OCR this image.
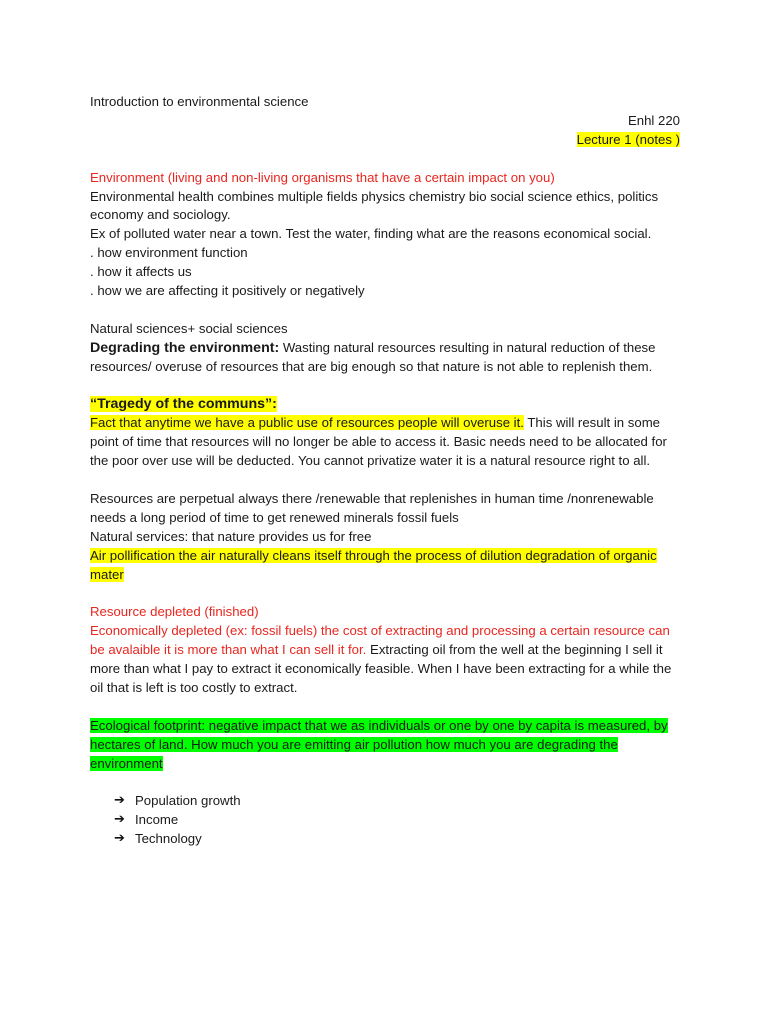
Introduction to environmental science

Enhl 220

Lecture 1 (notes )

Environment (living and non-living organisms that have a certain impact on you)

Environmental health combines multiple fields physics chemistry bio social science ethics, politics economy and sociology.

Ex of polluted water near a town. Test the water, finding what are the reasons economical social.

. how environment function

. how it affects us

. how we are affecting it positively or negatively

Natural sciences+ social sciences

Degrading the environment: Wasting natural resources resulting in natural reduction of these resources/ overuse of resources that are big enough so that nature is not able to replenish them.

“Tragedy of the communs”:

Fact that anytime we have a public use of resources people will overuse it. This will result in some point of time that resources will no longer be able to access it. Basic needs need to be allocated for the poor over use will be deducted. You cannot privatize water it is a natural resource right to all.

Resources are perpetual always there /renewable that replenishes in human time /nonrenewable needs a long period of time to get renewed minerals fossil fuels

Natural services: that nature provides us for free

Air pollification the air naturally cleans itself through the process of dilution degradation of organic mater

Resource depleted (finished)

Economically depleted (ex: fossil fuels) the cost of extracting and processing a certain resource can be avalaible it is more than what I can sell it for. Extracting oil from the well at the beginning I sell it more than what I pay to extract it economically feasible. When I have been extracting for a while the oil that is left is too costly to extract.

Ecological footprint: negative impact that we as individuals or one by one by capita is measured, by hectares of land. How much you are emitting air pollution how much you are degrading the environment

➔ Population growth
➔ Income
➔ Technology
